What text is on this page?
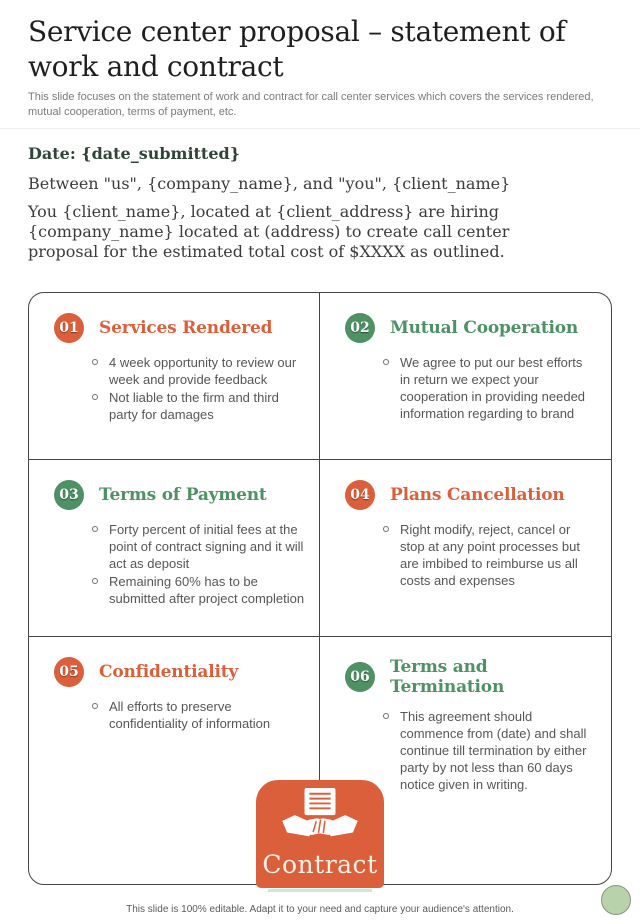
Service center proposal – statement of work and contract
This slide focuses on the statement of work and contract for call center services which covers the services rendered, mutual cooperation, terms of payment, etc.
Date: {date_submitted}
Between "us", {company_name}, and "you", {client_name}
You {client_name}, located at {client_address} are hiring {company_name} located at (address) to create call center proposal for the estimated total cost of $XXXX as outlined.
01	Services Rendered
4 week opportunity to review our week and provide feedback
Not liable to the firm and third party for damages
02	Mutual Cooperation
We agree to put our best efforts in return we expect your cooperation in providing needed information regarding to brand
03	Terms of Payment
Forty percent of initial fees at the point of contract signing and it will act as deposit
Remaining 60% has to be submitted after project completion
04	Plans Cancellation
Right modify, reject, cancel or stop at any point processes but are imbibed to reimburse us all costs and expenses
05	Confidentiality
All efforts to preserve confidentiality of information
06	Terms and Termination
This agreement should commence from (date) and shall continue till termination by either party by not less than 60 days notice given in writing.
Contract
This slide is 100% editable. Adapt it to your need and capture your audience's attention.
